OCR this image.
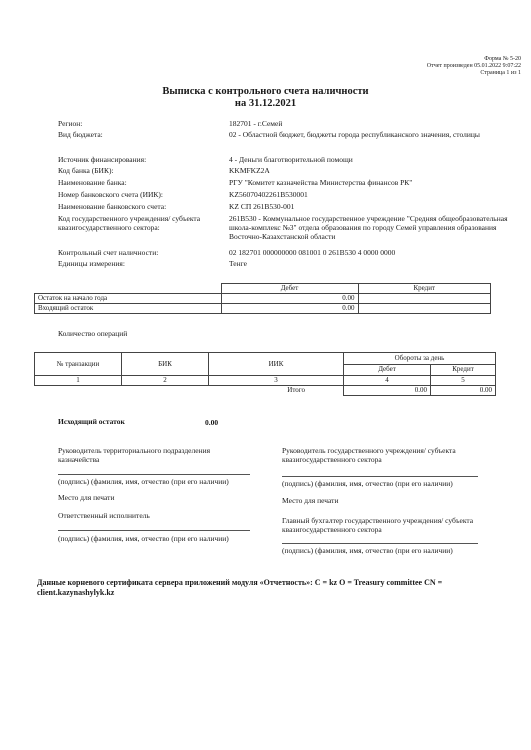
Форма № 5-20
Отчет произведен 05.01.2022 9:07:22
Страница 1 из 1
Выписка с контрольного счета наличности
на 31.12.2021
Регион:	182701 - г.Семей
Вид бюджета:	02 - Областной бюджет, бюджеты города республиканского значения, столицы
Источник финансирования:	4 - Деньги благотворительной помощи
Код банка (БИК):	KKMFKZ2A
Наименование банка:	РГУ "Комитет казначейства Министерства финансов РК"
Номер банковского счета (ИИК):	KZ56070402261B530001
Наименование банковского счета:	KZ СП 261B530-001
Код государственного учреждения/ субъекта квазигосударственного сектора:
261B530 - Коммунальное государственное учреждение "Средняя общеобразовательная школа-комплекс №3" отдела образования по городу Семей управления образования Восточно-Казахстанской области
Контрольный счет наличности:	02 182701 000000000 081001 0 261B530 4 0000 0000
Единицы измерения:	Тенге
	Дебет	Кредит
Остаток на начало года	0.00	
Входящий остаток	0.00	
Количество операций
№ транзакции	БИК	ИИК	Обороты за день	
			Дебет	Кредит
1	2	3	4	5
Итого			0.00	0.00
Исходящий остаток	0.00
Руководитель территориального подразделения казначейства
(подпись) (фамилия, имя, отчество (при его наличии)
Место для печати
Ответственный исполнитель
(подпись) (фамилия, имя, отчество (при его наличии)
Руководитель государственного учреждения/ субъекта квазигосударственного сектора
(подпись) (фамилия, имя, отчество (при его наличии)
Место для печати
Главный бухгалтер государственного учреждения/ субъекта квазигосударственного сектора
(подпись) (фамилия, имя, отчество (при его наличии)
Данные корневого сертификата сервера приложений модуля «Отчетность»: C = kz O = Treasury committee CN = client.kazynashylyk.kz
